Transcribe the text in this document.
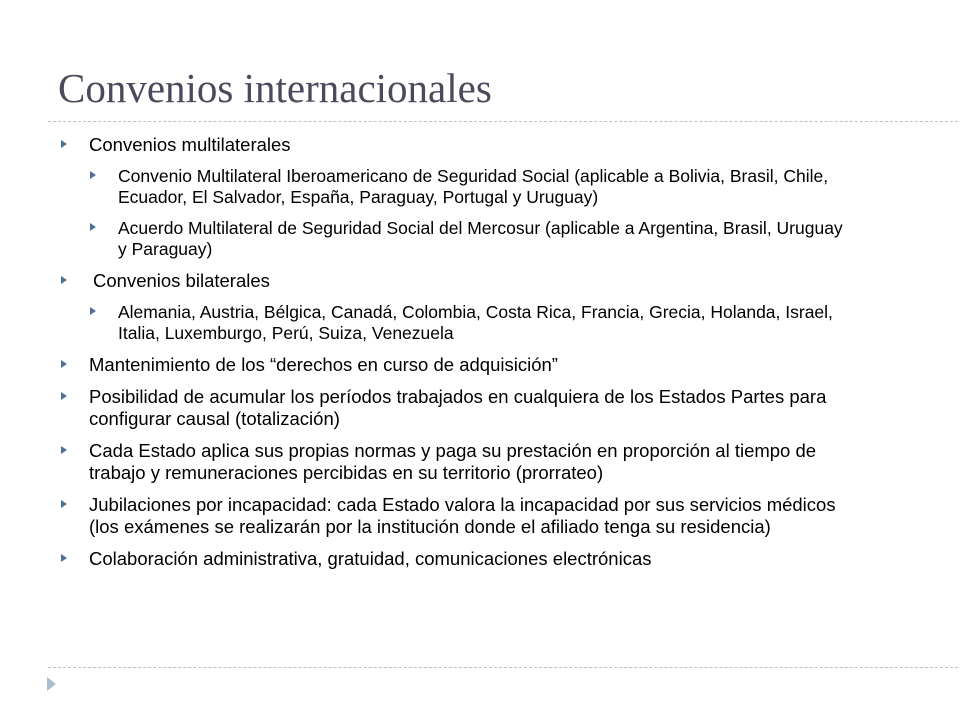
Convenios internacionales
Convenios multilaterales
Convenio Multilateral Iberoamericano de Seguridad Social (aplicable a Bolivia, Brasil, Chile, Ecuador, El Salvador, España, Paraguay, Portugal y Uruguay)
Acuerdo Multilateral de Seguridad Social del Mercosur (aplicable a Argentina, Brasil, Uruguay y Paraguay)
Convenios bilaterales
Alemania, Austria, Bélgica, Canadá, Colombia, Costa Rica, Francia, Grecia, Holanda, Israel, Italia, Luxemburgo, Perú, Suiza, Venezuela
Mantenimiento de los “derechos en curso de adquisición”
Posibilidad de acumular los períodos trabajados en cualquiera de los Estados Partes para configurar causal (totalización)
Cada Estado aplica sus propias normas y paga su prestación en proporción al tiempo de trabajo y remuneraciones percibidas en su territorio (prorrateo)
Jubilaciones por incapacidad: cada Estado valora la incapacidad por sus servicios médicos (los exámenes se realizarán por la institución donde el afiliado tenga su residencia)
Colaboración administrativa, gratuidad, comunicaciones electrónicas
